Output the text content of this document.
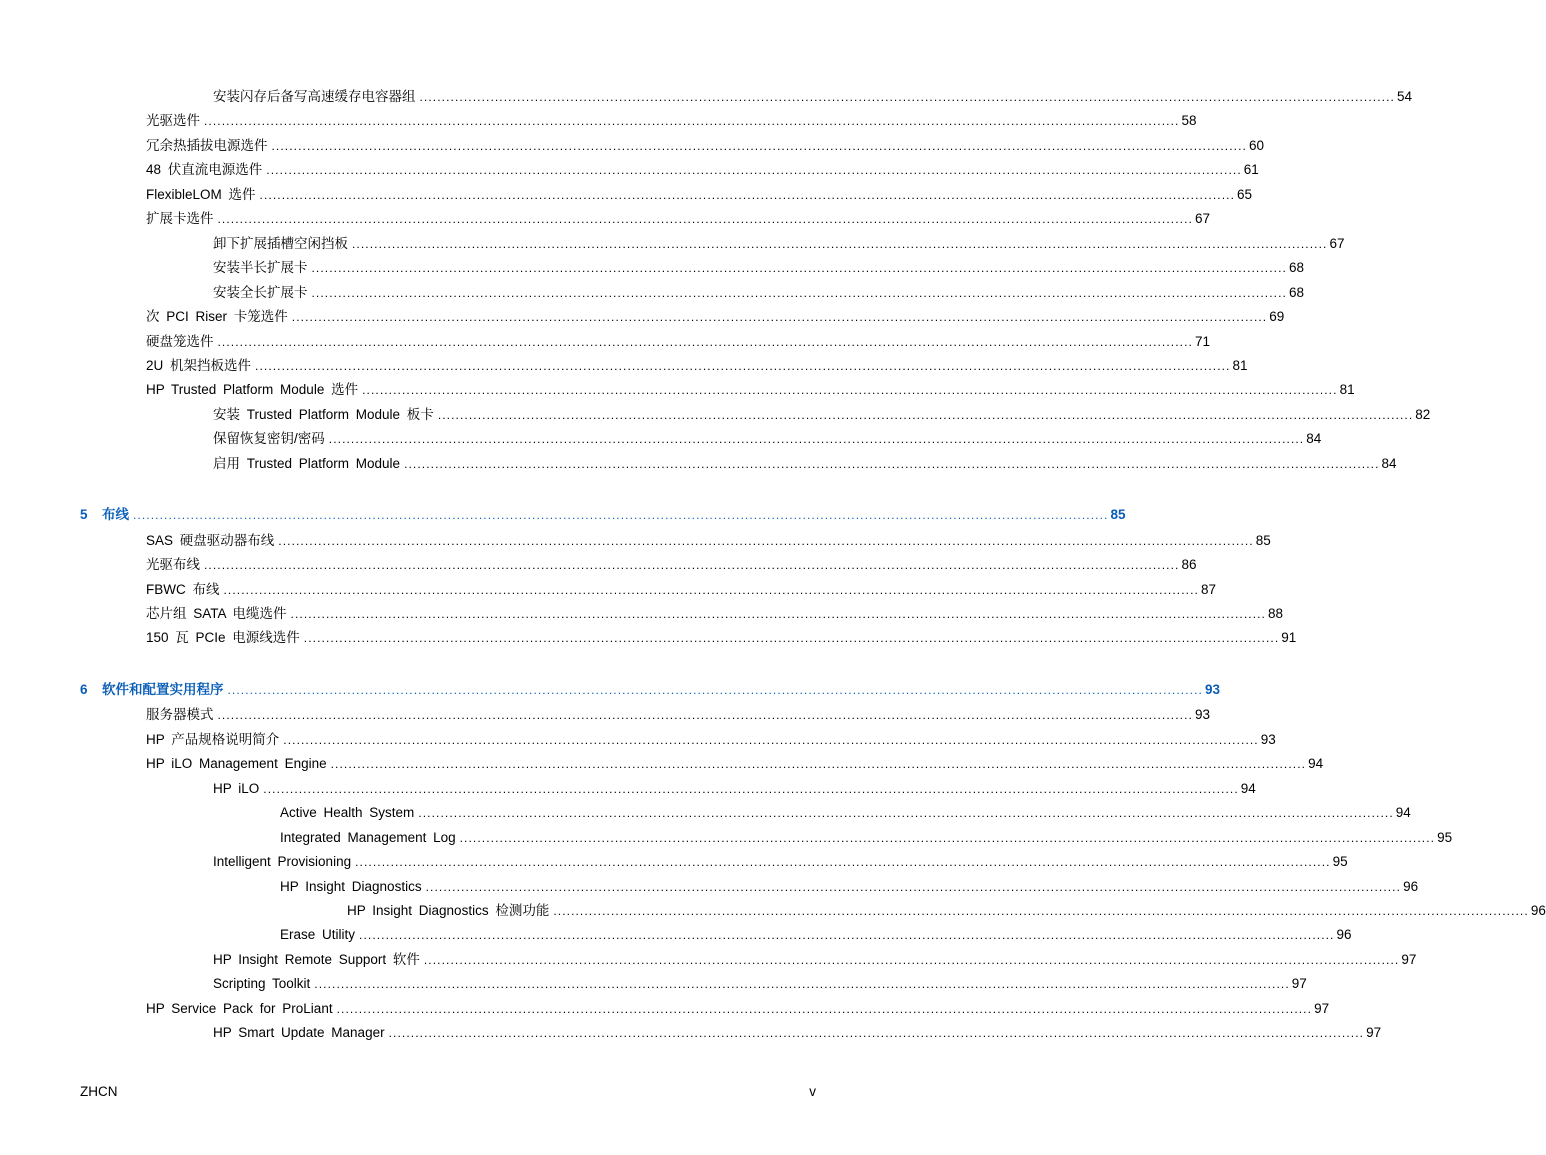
安装闪存后备写高速缓存电容器组 ............................................................................................................................................................................................................................ 54
光驱选件 ............................................................................................................................................................................................................................ 58
冗余热插拔电源选件 ............................................................................................................................................................................................................................ 60
48 伏直流电源选件 ............................................................................................................................................................................................................................ 61
FlexibleLOM 选件 ............................................................................................................................................................................................................................ 65
扩展卡选件 ............................................................................................................................................................................................................................ 67
卸下扩展插槽空闲挡板 ............................................................................................................................................................................................................................ 67
安装半长扩展卡 ............................................................................................................................................................................................................................ 68
安装全长扩展卡 ............................................................................................................................................................................................................................ 68
次 PCI Riser 卡笼选件 ............................................................................................................................................................................................................................ 69
硬盘笼选件 ............................................................................................................................................................................................................................ 71
2U 机架挡板选件 ............................................................................................................................................................................................................................ 81
HP Trusted Platform Module 选件 ............................................................................................................................................................................................................................ 81
安装 Trusted Platform Module 板卡 ............................................................................................................................................................................................................................ 82
保留恢复密钥/密码 ............................................................................................................................................................................................................................ 84
启用 Trusted Platform Module ............................................................................................................................................................................................................................ 84
5	布线 ............................................................................................................................................................................................................................ 85
SAS 硬盘驱动器布线 ............................................................................................................................................................................................................................ 85
光驱布线 ............................................................................................................................................................................................................................ 86
FBWC 布线 ............................................................................................................................................................................................................................ 87
芯片组 SATA 电缆选件 ............................................................................................................................................................................................................................ 88
150 瓦 PCIe 电源线选件 ............................................................................................................................................................................................................................ 91
6	软件和配置实用程序 ............................................................................................................................................................................................................................ 93
服务器模式 ............................................................................................................................................................................................................................ 93
HP 产品规格说明简介 ............................................................................................................................................................................................................................ 93
HP iLO Management Engine ............................................................................................................................................................................................................................ 94
HP iLO ............................................................................................................................................................................................................................ 94
Active Health System ............................................................................................................................................................................................................................ 94
Integrated Management Log ............................................................................................................................................................................................................................ 95
Intelligent Provisioning ............................................................................................................................................................................................................................ 95
HP Insight Diagnostics ............................................................................................................................................................................................................................ 96
HP Insight Diagnostics 检测功能 ............................................................................................................................................................................................................................ 96
Erase Utility ............................................................................................................................................................................................................................ 96
HP Insight Remote Support 软件 ............................................................................................................................................................................................................................ 97
Scripting Toolkit ............................................................................................................................................................................................................................ 97
HP Service Pack for ProLiant ............................................................................................................................................................................................................................ 97
HP Smart Update Manager ............................................................................................................................................................................................................................ 97
ZHCN	v
